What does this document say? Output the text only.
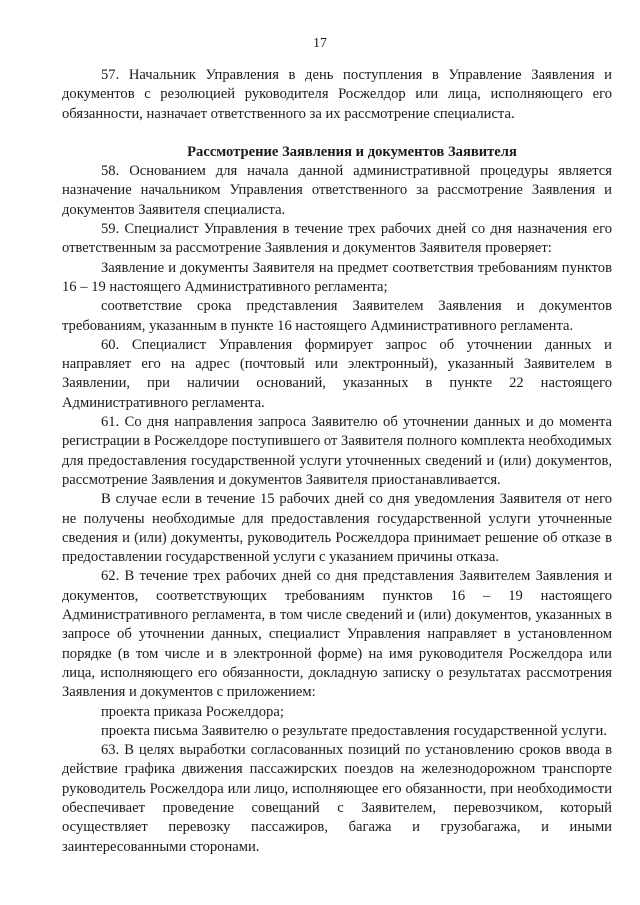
17

57. Начальник Управления в день поступления в Управление Заявления и документов с резолюцией руководителя Росжелдор или лица, исполняющего его обязанности, назначает ответственного за их рассмотрение специалиста.

Рассмотрение Заявления и документов Заявителя

58. Основанием для начала данной административной процедуры является назначение начальником Управления ответственного за рассмотрение Заявления и документов Заявителя специалиста.

59. Специалист Управления в течение трех рабочих дней со дня назначения его ответственным за рассмотрение Заявления и документов Заявителя проверяет:

Заявление и документы Заявителя на предмет соответствия требованиям пунктов 16 – 19 настоящего Административного регламента;

соответствие срока представления Заявителем Заявления и документов требованиям, указанным в пункте 16 настоящего Административного регламента.

60. Специалист Управления формирует запрос об уточнении данных и направляет его на адрес (почтовый или электронный), указанный Заявителем в Заявлении, при наличии оснований, указанных в пункте 22 настоящего Административного регламента.

61. Со дня направления запроса Заявителю об уточнении данных и до момента регистрации в Росжелдоре поступившего от Заявителя полного комплекта необходимых для предоставления государственной услуги уточненных сведений и (или) документов, рассмотрение Заявления и документов Заявителя приостанавливается.

В случае если в течение 15 рабочих дней со дня уведомления Заявителя от него не получены необходимые для предоставления государственной услуги уточненные сведения и (или) документы, руководитель Росжелдора принимает решение об отказе в предоставлении государственной услуги с указанием причины отказа.

62. В течение трех рабочих дней со дня представления Заявителем Заявления и документов, соответствующих требованиям пунктов 16 – 19 настоящего Административного регламента, в том числе сведений и (или) документов, указанных в запросе об уточнении данных, специалист Управления направляет в установленном порядке (в том числе и в электронной форме) на имя руководителя Росжелдора или лица, исполняющего его обязанности, докладную записку о результатах рассмотрения Заявления и документов с приложением:

проекта приказа Росжелдора;

проекта письма Заявителю о результате предоставления государственной услуги.

63. В целях выработки согласованных позиций по установлению сроков ввода в действие графика движения пассажирских поездов на железнодорожном транспорте руководитель Росжелдора или лицо, исполняющее его обязанности, при необходимости обеспечивает проведение совещаний с Заявителем, перевозчиком, который осуществляет перевозку пассажиров, багажа и грузобагажа, и иными заинтересованными сторонами.
